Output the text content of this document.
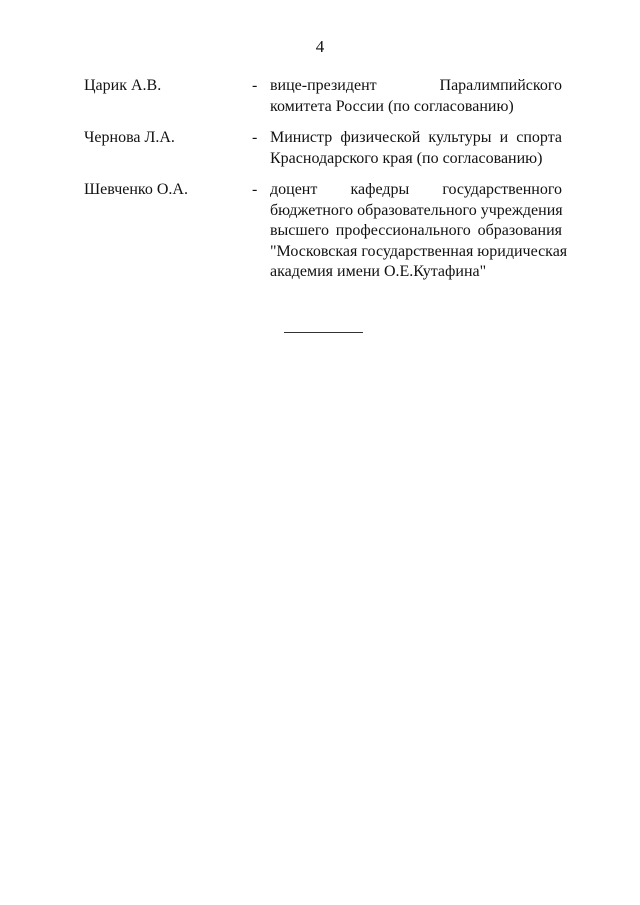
4
Царик А.В.	- вице-президент Паралимпийского
комитета России (по согласованию)
Чернова Л.А.	- Министр физической культуры и спорта
Краснодарского края (по согласованию)
Шевченко О.А.	- доцент кафедры государственного
бюджетного образовательного учреждения
высшего профессионального образования
"Московская государственная юридическая
академия имени О.Е.Кутафина"
